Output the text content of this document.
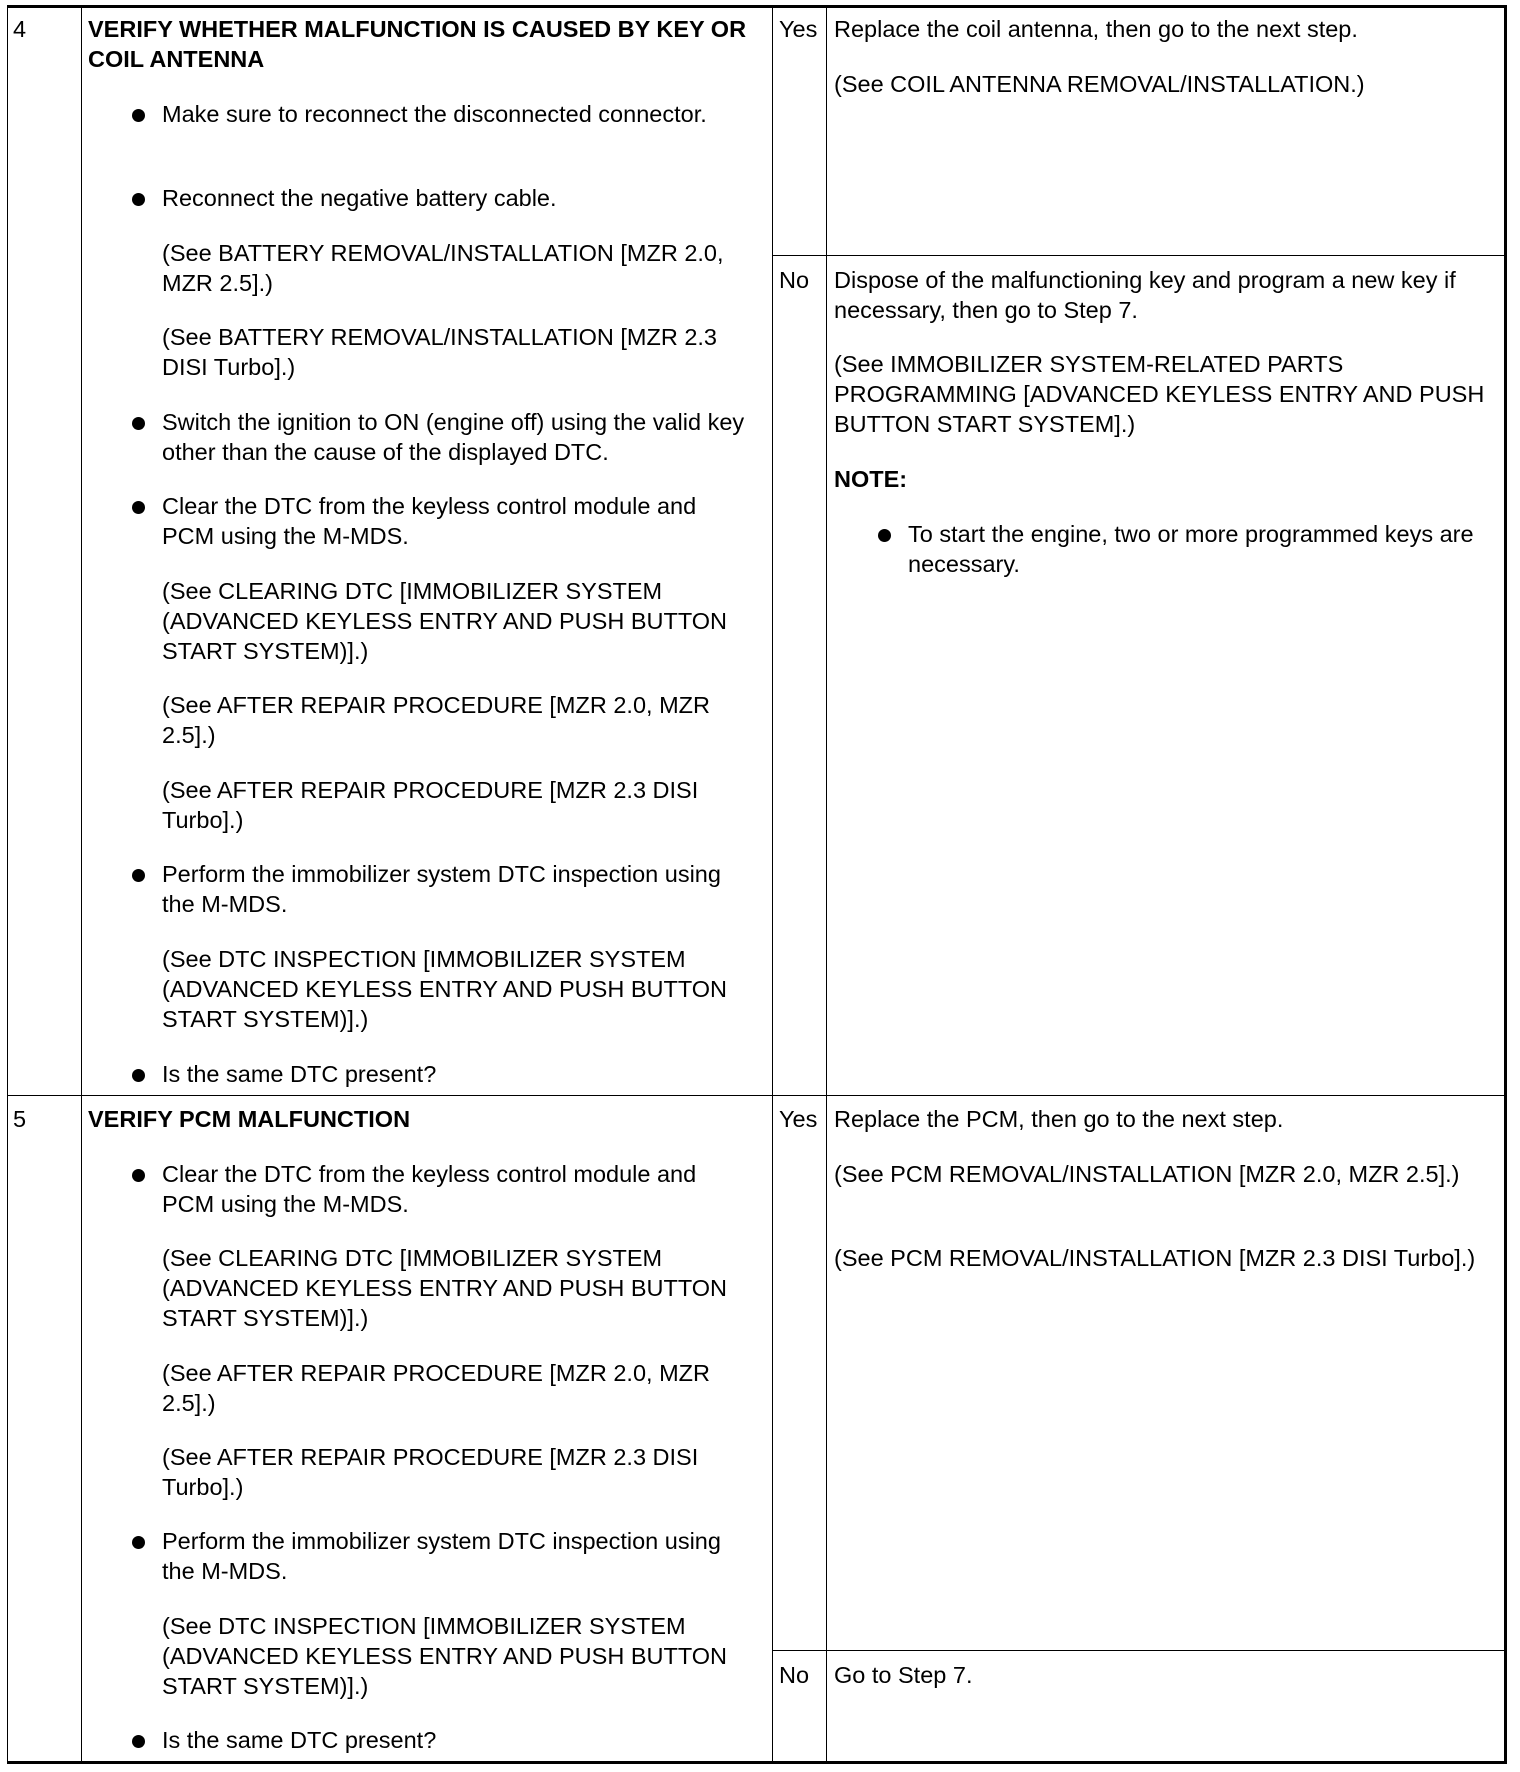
4	VERIFY WHETHER MALFUNCTION IS CAUSED BY KEY OR COIL ANTENNA
Make sure to reconnect the disconnected connector.
Reconnect the negative battery cable.
(See BATTERY REMOVAL/INSTALLATION [MZR 2.0, MZR 2.5].)
(See BATTERY REMOVAL/INSTALLATION [MZR 2.3 DISI Turbo].)
Switch the ignition to ON (engine off) using the valid key other than the cause of the displayed DTC.
Clear the DTC from the keyless control module and PCM using the M-MDS.
(See CLEARING DTC [IMMOBILIZER SYSTEM (ADVANCED KEYLESS ENTRY AND PUSH BUTTON START SYSTEM)].)
(See AFTER REPAIR PROCEDURE [MZR 2.0, MZR 2.5].)
(See AFTER REPAIR PROCEDURE [MZR 2.3 DISI Turbo].)
Perform the immobilizer system DTC inspection using the M-MDS.
(See DTC INSPECTION [IMMOBILIZER SYSTEM (ADVANCED KEYLESS ENTRY AND PUSH BUTTON START SYSTEM)].)
Is the same DTC present?
Yes Replace the coil antenna, then go to the next step.
(See COIL ANTENNA REMOVAL/INSTALLATION.)
No Dispose of the malfunctioning key and program a new key if necessary, then go to Step 7.
(See IMMOBILIZER SYSTEM-RELATED PARTS PROGRAMMING [ADVANCED KEYLESS ENTRY AND PUSH BUTTON START SYSTEM].)
NOTE:
To start the engine, two or more programmed keys are necessary.
5	VERIFY PCM MALFUNCTION
Clear the DTC from the keyless control module and PCM using the M-MDS.
(See CLEARING DTC [IMMOBILIZER SYSTEM (ADVANCED KEYLESS ENTRY AND PUSH BUTTON START SYSTEM)].)
(See AFTER REPAIR PROCEDURE [MZR 2.0, MZR 2.5].)
(See AFTER REPAIR PROCEDURE [MZR 2.3 DISI Turbo].)
Perform the immobilizer system DTC inspection using the M-MDS.
(See DTC INSPECTION [IMMOBILIZER SYSTEM (ADVANCED KEYLESS ENTRY AND PUSH BUTTON START SYSTEM)].)
Is the same DTC present?
Yes Replace the PCM, then go to the next step.
(See PCM REMOVAL/INSTALLATION [MZR 2.0, MZR 2.5].)
(See PCM REMOVAL/INSTALLATION [MZR 2.3 DISI Turbo].)
No Go to Step 7.
